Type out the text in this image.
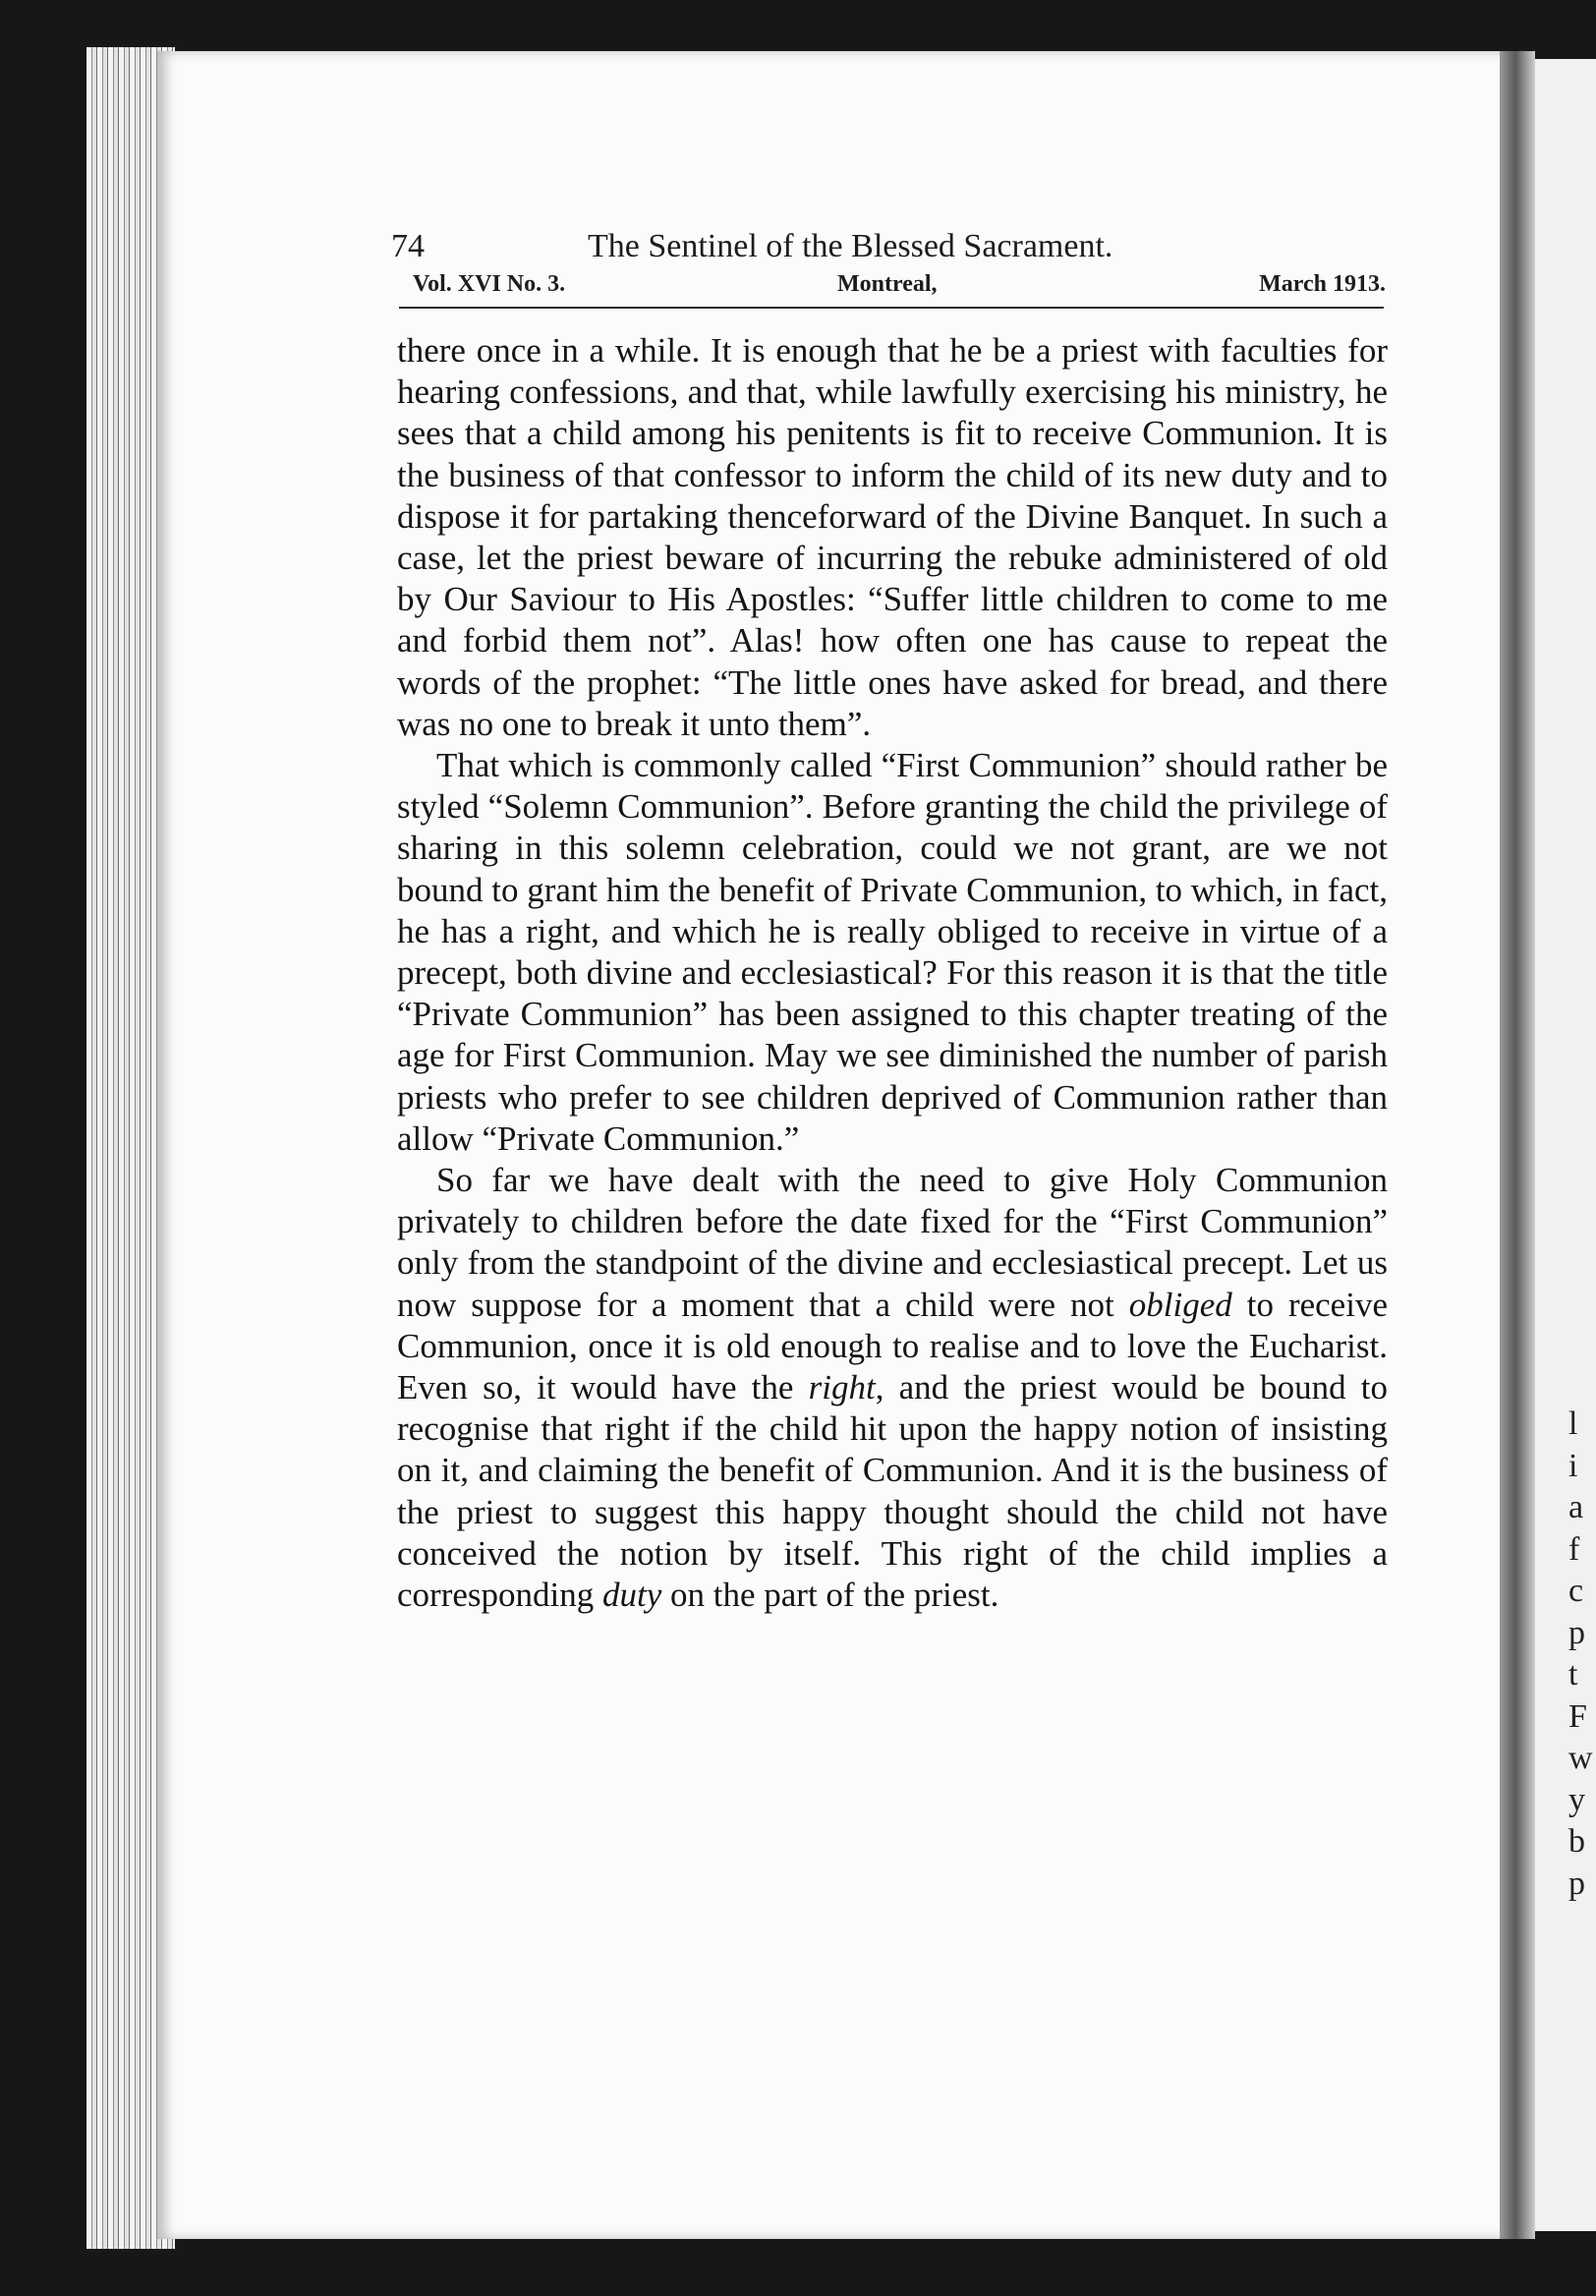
l
i
a
f
c
p
t
F
w
y
b
p
74	The Sentinel of the Blessed Sacrament.
Vol. XVI No. 3.	Montreal,	March 1913.

there once in a while. It is enough that he be a priest with faculties for hearing confessions, and that, while lawfully exercising his ministry, he sees that a child among his penitents is fit to receive Communion. It is the business of that confessor to inform the child of its new duty and to dispose it for partaking thenceforward of the Divine Banquet. In such a case, let the priest beware of incurring the rebuke administered of old by Our Saviour to His Apostles: “Suffer little children to come to me and forbid them not”. Alas! how often one has cause to repeat the words of the prophet: “The little ones have asked for bread, and there was no one to break it unto them”.

That which is commonly called “First Communion” should rather be styled “Solemn Communion”. Before granting the child the privilege of sharing in this solemn celebration, could we not grant, are we not bound to grant him the benefit of Private Communion, to which, in fact, he has a right, and which he is really obliged to receive in virtue of a precept, both divine and ecclesiastical? For this reason it is that the title “Private Communion” has been assigned to this chapter treating of the age for First Communion. May we see diminished the number of parish priests who prefer to see children deprived of Communion rather than allow “Private Communion.”

So far we have dealt with the need to give Holy Communion privately to children before the date fixed for the “First Communion” only from the standpoint of the divine and ecclesiastical precept. Let us now suppose for a moment that a child were not obliged to receive Communion, once it is old enough to realise and to love the Eucharist. Even so, it would have the right, and the priest would be bound to recognise that right if the child hit upon the happy notion of insisting on it, and claiming the benefit of Communion. And it is the business of the priest to suggest this happy thought should the child not have conceived the notion by itself. This right of the child implies a corresponding duty on the part of the priest.
